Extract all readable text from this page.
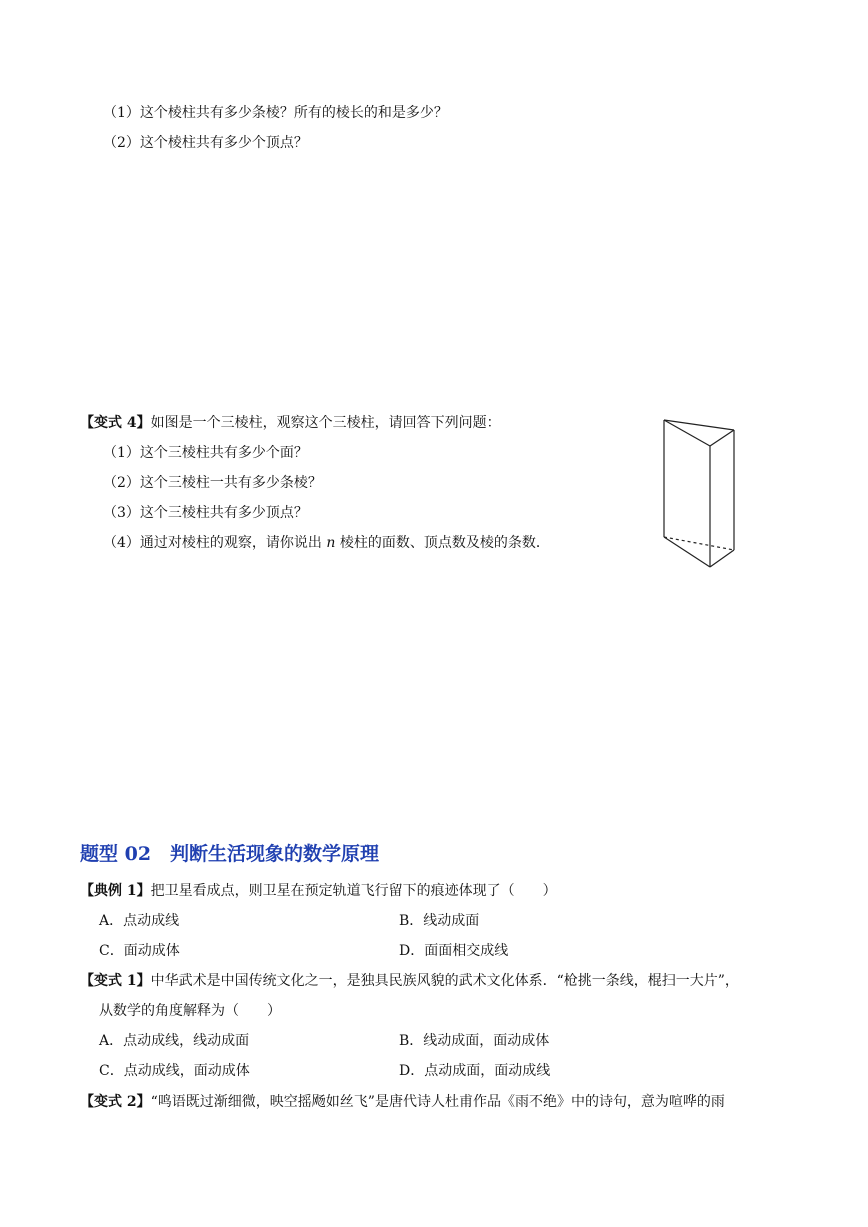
（1）这个棱柱共有多少条棱？所有的棱长的和是多少？
（2）这个棱柱共有多少个顶点？
【变式 4】如图是一个三棱柱，观察这个三棱柱，请回答下列问题：
（1）这个三棱柱共有多少个面？
（2）这个三棱柱一共有多少条棱？
（3）这个三棱柱共有多少顶点？
（4）通过对棱柱的观察，请你说出 n 棱柱的面数、顶点数及棱的条数．
题型 02　判断生活现象的数学原理
【典例 1】把卫星看成点，则卫星在预定轨道飞行留下的痕迹体现了（　　）
A．点动成线	B．线动成面
C．面动成体	D．面面相交成线
【变式 1】中华武术是中国传统文化之一，是独具民族风貌的武术文化体系．“枪挑一条线，棍扫一大片”，
从数学的角度解释为（　　）
A．点动成线，线动成面	B．线动成面，面动成体
C．点动成线，面动成体	D．点动成面，面动成线
【变式 2】“鸣语既过渐细微，映空摇飏如丝飞”是唐代诗人杜甫作品《雨不绝》中的诗句，意为喧哗的雨
